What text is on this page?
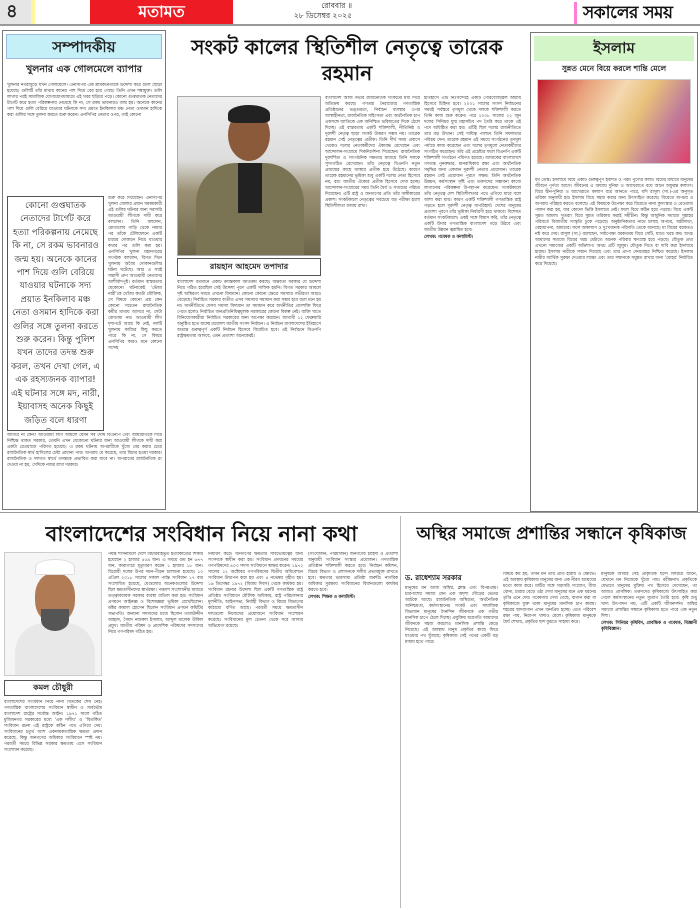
৪	মতামত	রোববার ॥
২৮ ডিসেম্বর ২০২৫	সকালের সময়
সম্পাদকীয়
খুলনার এক গোলমেলে ব্যাপার
খুলনার নগরজুড়ে যখন গোলমেলে। এনসিপির এক শ্রমিকনেতাকে উদ্দেশ্য করে গুলি ছোড়া হয়েছে। গুলিটি তাঁর মাথার কানের পাশ দিয়ে বের হয়ে গেছে। তিনি এখন শঙ্কামুক্ত। গুলি লাগার পরই সামাজিক যোগাযোগমাধ্যমে এই খবর ছড়িয়ে পড়ে। কোনো গুপ্তঘাতক নেতাদের টার্গেট করে হত্যা পরিকল্পনায় নেমেছে কি না, সে রকম ভাবনারও জন্ম হয়। অনেকে কানের পাশ দিয়ে গুলি বেরিয়ে যাওয়ার ঘটনাকে সদ্য প্রয়াত ইনকিলাব মঞ্চ নেতা ওসমান হাদিকে করা গুলির সঙ্গে তুলনা করতে শুরু করেন। এনসিপির নেতার ওপর, তাই কোনো
কোনো গুপ্তঘাতক নেতাদের টার্গেট করে হত্যা পরিকল্পনায় নেমেছে কি না, সে রকম ভাবনারও জন্ম হয়। অনেকে কানের পাশ দিয়ে গুলি বেরিয়ে যাওয়ার ঘটনাকে সদ্য প্রয়াত ইনকিলাব মঞ্চ নেতা ওসমান হাদিকে করা গুলির সঙ্গে তুলনা করতে শুরু করেন। কিন্তু পুলিশ যখন তাদের তদন্ত শুরু করল, তখন দেখা গেল, এ এক রহস্যজনক ব্যাপার! এই ঘটনার সঙ্গে মদ, নারী, ইয়াবাসহ অনেক কিছুই জড়িত বলে ধারণা
শুরু করে দিয়েছেন। এনসিপির খুলনা জেলার প্রধান সমন্বয়কারী এই গুলির ঘটনার জন্য সরাসরি আওয়ামী লীগকে দায়ী করে বললেন। তিনি বললেন, মোতালেব গাড়ি থেকে নামার পর তাঁকে টেলিফোনে একটি চায়ের দোকানে নিয়ে যাওয়ার কথার পর গুলি করা হয়। এনসিপির খুলনা মহানগরের সংগঠক বললেন, বিগত দিনে খুলনায় অবৈধ দোকানগুলির ঘটনা ঘটেছে। আর এ সবই সন্ত্রাসী গ্রুপ আওয়ামী নেতাদের আশীর্বাদপুষ্ট। বর্তমান বাস্তবতায় যেকোনো ঘটনাকেই 'ভেঁজা নারী'কে খোঁজা কতটা যৌক্তিক, সে বিষয়ে কোনো প্রশ্ন কেন কোনো সচেতন রাজনৈতিক কর্মীর মাথায় আসবে না, সেটা বোধগম্য নয়। আওয়ামী লীগ দৃশ্যপটে আছে কি নেই, দলটি খুলনায় কাজির কিছু করতে পারে কি না, সে বিষয়ে এনসিপির কারও মনে কোনো সন্দেহ
জাগবে না কেন? আওয়ামী লীগ আমলে যেমন সব দোষ বিএনপি এবং জামায়াতকে দিয়ে নিশ্চিন্ত থাকত সরকার, তেমনি এখন যেকোনো ঘটনার জন্য আওয়ামী লীগকে দায়ী করা একটা রেওয়াজে পরিণত হয়েছে। এ রকম ঘটনায় অপরাধীকে খুঁজে বের করার চেয়ে রাজনৈতিক স্বার্থ হাসিলের চেষ্টা প্রাধান্য পায়। অপরাধ যে করেছে, তার বিচার হওয়া দরকার। রাজনৈতিক ও দলগত স্বার্থে তদন্তকে প্রভাবিত করা যাবে না। অপরাধের রাজনৈতিক রং দেওয়া না হয়, সেদিকে নজর রাখা দরকার।
সংকট কালের স্থিতিশীল নেতৃত্বে তারেক রহমান
রায়হান আহমেদ তপাদার
বাংলাদেশ বর্তমানে একটি ক্রান্তিকাল অতিক্রম করছে। অন্তর্বর্তী সরকার যে উদ্দেশ্য নিয়ে গঠিত হয়েছিল সেই উদ্দেশ্য পূরণ একটি সাফিক হয়নি। বিগত সরকার আমলে সৃষ্ট অস্থিরতা সময়ে এখনো বিদ্যমান। কোনো কোনো ক্ষেত্রে সমস্যার গভীরতা আরও বেড়েছে। নির্বাচিত সরকার ব্যতীত এসব সমস্যার সমাধান করা সম্ভব হবে বলে মনে হয় না। অর্থনীতিতে যেসব সমস্যা বিদ্যমান তা সমাধান করে অর্থনীতির প্রাণশক্তি ফিরে পেতে হলেও নির্বাচিত জনপ্রতিনিধিত্বমূলক সরকারের কোনো বিকল্প নেই। ব্যক্তি খাতে বিনিয়োগকারীরা নির্বাচিত সরকারের জন্য অপেক্ষা করছেন। আগামী ১২ ফেব্রুয়ারি অনুষ্ঠিত হতে যাচ্ছে ত্রয়োদশ জাতীয় সংসদ নির্বাচন। এ নির্বাচন বাংলাদেশের ইতিহাসে অত্যন্ত গুরুত্বপূর্ণ একটি নির্বাচন হিসেবে বিবেচিত হবে। এই নির্বাচনে বিএনপি রাষ্ট্রক্ষমতায় আসবে, এমন প্রত্যাশা অনেকেরই।
বাংলাদেশ আজ গভীর রাজনৈতিক সংকটের মধ্য দিয়ে অতিক্রম করছে। গণতন্ত্র নৈরাজ্যের গণতান্ত্রিক প্রতিষ্ঠানের ভঙ্গুরতা, নির্বাচন ব্যবস্থার ওপর আস্থাহীনতা, রাজনৈতিক সহিংসতা এবং অর্থনৈতিক চাপ একসঙ্গে জাতিকে এক অনিশ্চিত ভবিষ্যতের দিকে ঠেলে দিচ্ছে। এই বাস্তবতায় একটি শক্তিশালী, নীতিনিষ্ঠ ও দূরদর্শী নেতৃত্ব ছাড়া সংকট উত্তরণ সম্ভব নয়। তারেক রহমান সেই নেতৃত্বের প্রতীক। তিনি দীর্ঘ সময় প্রবাসে থেকেও দলের নেতাকর্মীদের ঐক্যবদ্ধ রেখেছেন এবং আন্দোলন-সংগ্রামে দিকনির্দেশনা দিয়েছেন। রাজনৈতিক দূরদর্শিতা ও সাংগঠনিক দক্ষতার মাধ্যমে তিনি দলকে সুসংগঠিত রেখেছেন। তাঁর নেতৃত্বে বিএনপি নতুন প্রজন্মের কাছে আস্থার প্রতীক হয়ে উঠেছে। কারণে তারেক রহমানের ভূমিকা শুধু একটি দলের নেতা হিসেবে নয়, বরং জাতীয় ঐক্যের প্রতীক হিসেবে দেখা হচ্ছে। আন্দোলন-সংগ্রামের সময় তিনি ধৈর্য ও সংযমের পরিচয় দিয়েছেন। এটি রাষ্ট্র ও জনগণের প্রতি তাঁর অঙ্গীকারের প্রকাশ। সংকটকালে নেতৃত্বের সবচেয়ে বড় পরীক্ষা হলো স্থিতিশীলতা বজায় রাখা।

ইতিহাসে এটি নিঃসন্দেহে একটি গৌরবোজ্জ্বল অধ্যায় হিসেবে চিহ্নিত হবে। ২০০১ সালের সংসদ নির্বাচনের সময়ই সর্বস্তরে তৃণমূল থেকে দলকে শক্তিশালী করতে তিনি কাজ শুরু করেন। পরে ২০০৮ সালের ২২ জুন দলের সিনিয়র যুগ্ম মহাসচিব পদ তৈরি করে তাকে ওই পদে অধিষ্ঠিত করা হয়। এটিই ছিল দলের রাজনীতিতে তার বড় উত্থান। সেই দায়িত্ব পালনে তিনি সফলতার পরিচয় দেন। তারেক রহমান এই সময়ে সংগঠনের তৃণমূল পর্যায়ে কাজ করেছেন এবং দলের তৃণমূলে নেতাকর্মীদের সংগঠিত করেছেন। তাঁর এই প্রচেষ্টার ফলে বিএনপি একটি শক্তিশালী সংগঠনে পরিণত হয়েছে। আজকের বাংলাদেশে গণতন্ত্র পুনরুদ্ধার, মানবাধিকার রক্ষা এবং অর্থনৈতিক সমৃদ্ধির জন্য একজন দূরদর্শী নেতার প্রয়োজন। তারেক রহমান সেই প্রয়োজন পূরণে সক্ষম। তিনি অর্থনৈতিক উন্নয়ন, কর্মসংস্থান সৃষ্টি এবং তরুণদের সম্ভাবনা কাজে লাগানোর পরিকল্পনা উপস্থাপন করেছেন। সংকটকালে তাঁর নেতৃত্বে দেশ স্থিতিশীলতার পথে এগিয়ে যাবে বলে আশা করা যায়। কারণ একটি শক্তিশালী গণতান্ত্রিক রাষ্ট্র গড়তে হলে দূরদর্শী নেতৃত্ব অপরিহার্য। দেশের মানুষের প্রত্যাশা পূরণে তাঁর ভূমিকা নির্ধারণী হয়ে থাকবে। বিশেষত বর্তমান সংকটকালে। একই সঙ্গে বিশ্বাস করি, তাঁর নেতৃত্বে একটি উদার গণতান্ত্রিক বাংলাদেশ গড়ে উঠবে এবং জাতীয় উন্নয়ন ত্বরান্বিত হবে।

লেখক: গবেষক ও কলামিস্ট।

ইসলাম
সুন্নত মেনে বিয়ে করলে শান্তি মেলে
ধর্ম ডেস্ক। ইসলামে বিয়ে একটি গুরুত্বপূর্ণ ইবাদত ও পরম পুণ্যের কাজ। বিয়ের মাধ্যমে মানুষের জীবনে পূর্ণতা আসে। জীবনের এ অধ্যায় দুনিয়া ও আখেরাতে বয়ে আনে অফুরন্ত কল্যাণ। বিয়ে দ্বীন-দুনিয়া ও আখেরাতে কল্যাণ বয়ে আনতে পারে, যদি রাসুল (সা.)-এর অনুসৃত তরিকা অনুযায়ী হয়। ইসলাম বিয়ে সহজ করার জন্য উৎসাহিত করেছে। বিয়েতে অপচয় ও অপব্যয় পরিহার করতে বলেছে। এই বিষয়কে উপেক্ষা করে বিয়েতে নানা কুসংস্কার ও রেওয়াজ পালন করা হয়, যার কোনো ভিত্তি ইসলামে নেই। ফলে বিয়ে কঠিন হয়ে পড়ছে। বিয়ে একটি সুন্নত আমল। সুতরাং বিয়ে সুন্নত তরিকায় করাই সমীচীন। কিন্তু আধুনিক সমাজে সুন্নাহর পরিবর্তে বিজাতীয় সংস্কৃতি ঢুকে পড়েছে। অনুষ্ঠানিকতার নামে চলছে অপচয়, অশ্লীলতা, বেহায়াপনা, অযাচার। ফলে অকল্যাণ ও দুঃখজনক পরিণতি ডেকে আনছে। যা বিয়ের বরকতও নষ্ট করে দেয়। রাসুল (সা.) বলেছেন, সর্বাপেক্ষা বরকতময় বিয়ে সেটি, যাতে খরচ কম। অথচ আমাদের সমাজে বিয়ের খরচ মেটাতে অনেক পরিবার ঋণগ্রস্ত হয়ে পড়ছে। যৌতুক প্রথা এখনো সমাজের একটি অভিশাপ। অথচ এটি জুলুম। যৌতুক দিতে বা দাবি করা ইসলামে হারাম। ইসলাম নারীকে সম্মান দিয়েছে এবং তার প্রাপ্য দেনমোহর নিশ্চিত করেছে। ইসলাম নারীর আর্থিক সুরক্ষা দেওয়ার লক্ষ্যে এবং তার সম্মানকে সমুন্নত রাখার জন্য 'মোহর' নির্ধারিত করে দিয়েছে।
বাংলাদেশের সংবিধান নিয়ে নানা কথা
কমল চৌধুরী
বাংলাদেশের সংবিধান নিয়ে নানা বিতর্কের শেষ নেই। গণতান্ত্রিক বাংলাদেশের সংবিধান স্বাধীন ও সার্বভৌম বাংলাদেশ রাষ্ট্রের সর্বোচ্চ আইন। ১৯৭১ সালে গঠিত মুজিবনগর সরকারের মধ্যে 'এক দলীয়' ও 'বিতর্কিত' সংবিধান রচনা এই রাষ্ট্রকে কঠিন পথে এগিয়ে দেয়। সংবিধানের চতুর্থ অংশ একনায়কতান্ত্রিক ক্ষমতা প্রদান করেছে, কিন্তু জনগণের অধিকার সংবিধানে স্পষ্ট নয়। পরবর্তী সময়ে বিভিন্ন সরকার ক্ষমতায় এসে সংবিধান সংশোধন করেছে।
পর্যন্ত শাসনামলে দেশে বিচারবহির্ভূত হত্যাকাণ্ডের শিকার হয়েছেন ২ হাজার ৫৫৯ জন। এ সময়ে গুম হন ৬৭৭ জন, কারাগারে মৃত্যুবরণ করেন ১ হাজার ১৮ জন। বিরোধী দলের উপর দমন-পীড়ন চালানো হয়েছে। ১০ এপ্রিল ২০১৮ সালের সকাল পর্যন্ত সংবিধান ১৭ বার সংশোধিত হয়েছে, যেগুলোর অনেকগুলোর উদ্দেশ্য ছিল ক্ষমতাসীনদের স্বার্থরক্ষা। পঞ্চদশ সংশোধনীর মাধ্যমে তত্ত্বাবধায়ক সরকার ব্যবস্থা বাতিল করা হয়। সংবিধান প্রণয়নে আইনজ্ঞ ও বিশেষজ্ঞরা ভূমিকা রেখেছিলেন। ডক্টর কামাল হোসেন ছিলেন সংবিধান প্রণয়ন কমিটির সভাপতি। অন্যান্য সদস্যদের মধ্যে ছিলেন তাজউদ্দীন আহমদ, সৈয়দ নজরুল ইসলাম, আব্দুল মালেক উকিল প্রমুখ। জাতীয় পরিষদ ও প্রাদেশিক পরিষদের সদস্যদের নিয়ে গণপরিষদ গঠিত হয়।
নির্ধারণ করে। জনগণের ক্ষমতার সার্বভৌমত্বের জন্য সংসদকে স্বাধীন করা হয়। সংবিধান প্রণয়নের সময়ের গণপরিষদের ৪০৩ সদস্য সংবিধানে স্বাক্ষর করেন। ১৯৭২ সালের ১২ অক্টোবর গণপরিষদের দ্বিতীয় অধিবেশনে সংবিধান উত্থাপন করা হয় এবং ৪ নভেম্বর গৃহীত হয়। ১৬ ডিসেম্বর ১৯৭২ (বিজয় দিবস) থেকে কার্যকর হয়। সংবিধান রচনার উদ্দেশ্য ছিল একটি গণতান্ত্রিক রাষ্ট্র প্রতিষ্ঠা। সংবিধানে মৌলিক অধিকার, রাষ্ট্র পরিচালনার মূলনীতি, আইনসভা, নির্বাহী বিভাগ ও বিচার বিভাগের কাঠামো বর্ণিত আছে। পরবর্তী সময়ে ক্ষমতাসীন দলগুলো নিজেদের প্রয়োজনে সংবিধান সংশোধন করেছে। সংবিধানের মূল চেতনা থেকে সরে আসার অভিযোগ রয়েছে।

(সংযোজন, পরিমার্জন) জনগণের চাহিদা ও প্রত্যাশা অনুযায়ী সংবিধান সংস্কার প্রয়োজন। গণতান্ত্রিক প্রতিষ্ঠান শক্তিশালী করতে হবে। নির্বাচন কমিশন, বিচার বিভাগ ও প্রশাসনকে দলীয় প্রভাবমুক্ত রাখতে হবে। ক্ষমতার ভারসাম্য প্রতিষ্ঠা জরুরি। নাগরিক অধিকার সুরক্ষায় সংবিধানের বিধানগুলো কার্যকর করতে হবে।

লেখক: শিক্ষক ও কলামিস্ট।

অস্থির সমাজে প্রশান্তির সন্ধানে কৃষিকাজ
ড. রাধেশ্যাম সরকার

মানুষের মন আজ অস্থির, ক্লান্ত এবং বিপন্নপ্রায়। চারপাশের সমাজ যেন এক অদৃশ্য দৌড়ের ভেতর আটকে আছে। রাজনৈতিক অস্থিরতা, অর্থনৈতিক অনিশ্চয়তা, কর্মসংস্থানের সংকট এবং সামাজিক বিভাজন মানুষের দৈনন্দিন জীবনকে এক গভীর মানসিক চাপে ঠেলে দিচ্ছে। প্রযুক্তির অগ্রগতি আমাদের জীবনকে সহজ করলেও মানসিক প্রশান্তি কেড়ে নিয়েছে। এই অবস্থায় মানুষ প্রকৃতির কাছে ফিরে যাওয়ার পথ খুঁজছে। কৃষিকাজ সেই পথের একটি বড় মাধ্যম হতে পারে।

বিষয়ে কর্ম হয়, তখন মন তার প্রতি হারায় ও ক্ষোভে। এই অবস্থায় কৃষিকাজ মানুষের জন্য এক নীরব আশ্রয়ের মতো কাজ করে। মাটির সঙ্গে সরাসরি সংযোগ, বীজ বোনা, চারার বেড়ে ওঠা দেখা মানুষের মনে এক ধরনের তৃপ্তি এনে দেয়। গবেষণায় দেখা গেছে, বাগান করা বা কৃষিকাজে যুক্ত থাকা মানুষের মানসিক চাপ কমায়। শহরের ছাদবাগান এখন জনপ্রিয় হচ্ছে। এতে পরিবেশ রক্ষা পায়, নিরাপদ খাদ্যও মেলে। কৃষিকাজ মানুষকে ধৈর্য শেখায়, প্রকৃতির ছন্দ বুঝতে সাহায্য করে।

মানুষকে আবার সেই প্রাকৃতিক ছন্দে ফিরিয়ে আনে, যেখানে মন নিজেকে খুঁজে পায়। রবীন্দ্রনাথ প্রকৃতিকে যেভাবে মানুষের মুক্তির পথ হিসেবে দেখেছেন, তা আজও প্রাসঙ্গিক। তরুণদের কৃষিকাজে উৎসাহিত করা গেলে কর্মসংস্থানের নতুন সুযোগ তৈরি হবে। কৃষি শুধু খাদ্য উৎপাদন নয়, এটি একটি জীবনদর্শন। অস্থির সমাজে প্রশান্তির সন্ধানে কৃষিকাজ হতে পারে এক নতুন দিশা।

লেখক: সিনিয়র কৃষিবিদ, প্রাবন্ধিক ও গবেষক, বিজ্ঞানী কৃষিবিজ্ঞান।
